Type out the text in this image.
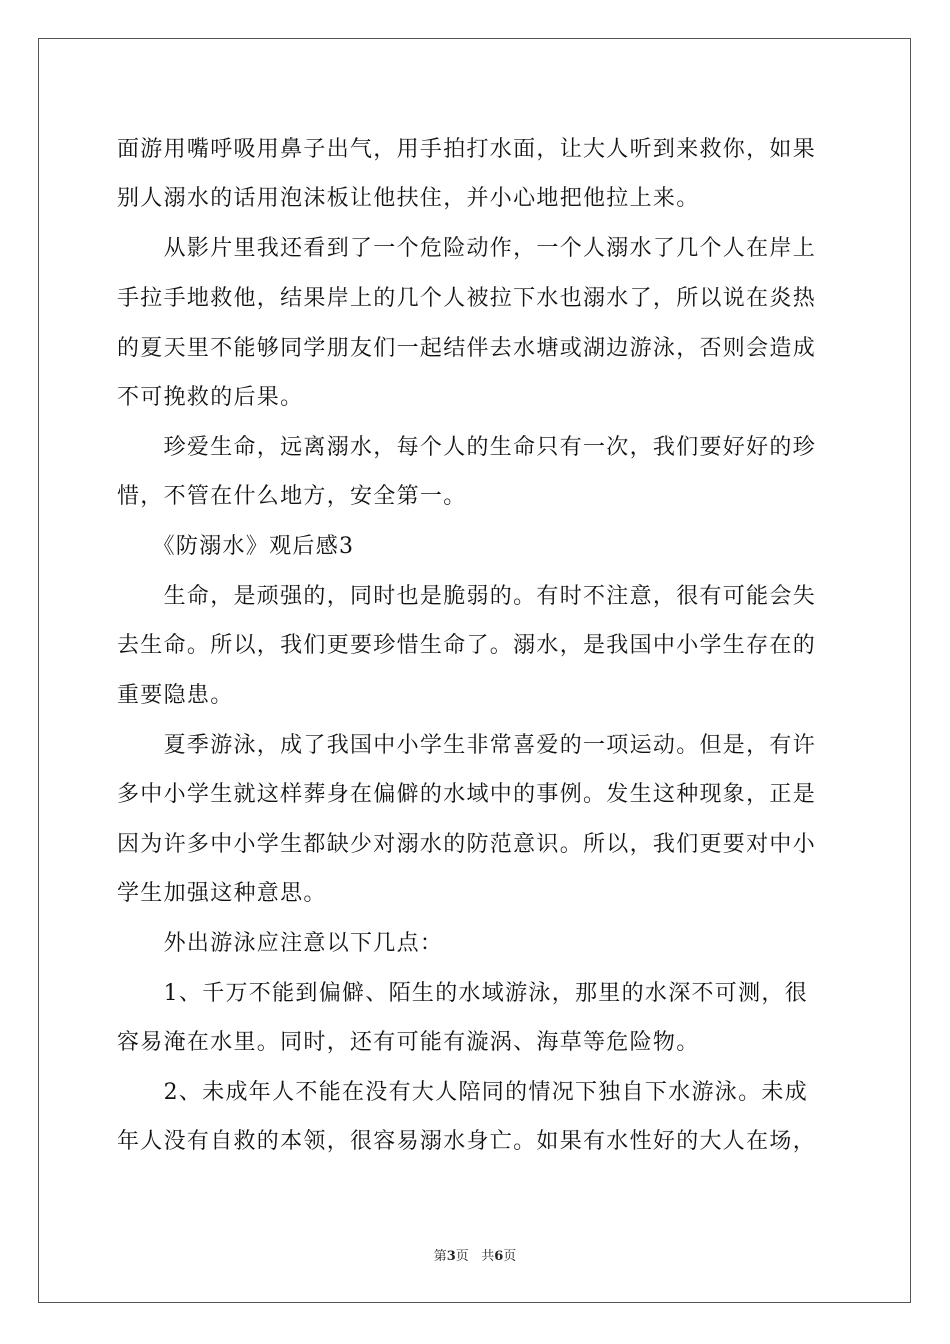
面游用嘴呼吸用鼻子出气，用手拍打水面，让大人听到来救你，如果
别人溺水的话用泡沫板让他扶住，并小心地把他拉上来。
　　从影片里我还看到了一个危险动作，一个人溺水了几个人在岸上
手拉手地救他，结果岸上的几个人被拉下水也溺水了，所以说在炎热
的夏天里不能够同学朋友们一起结伴去水塘或湖边游泳，否则会造成
不可挽救的后果。
　　珍爱生命，远离溺水，每个人的生命只有一次，我们要好好的珍
惜，不管在什么地方，安全第一。
　　《防溺水》观后感3
　　生命，是顽强的，同时也是脆弱的。有时不注意，很有可能会失
去生命。所以，我们更要珍惜生命了。溺水，是我国中小学生存在的
重要隐患。
　　夏季游泳，成了我国中小学生非常喜爱的一项运动。但是，有许
多中小学生就这样葬身在偏僻的水域中的事例。发生这种现象，正是
因为许多中小学生都缺少对溺水的防范意识。所以，我们更要对中小
学生加强这种意思。
　　外出游泳应注意以下几点：
　　1、千万不能到偏僻、陌生的水域游泳，那里的水深不可测，很
容易淹在水里。同时，还有可能有漩涡、海草等危险物。
　　2、未成年人不能在没有大人陪同的情况下独自下水游泳。未成
年人没有自救的本领，很容易溺水身亡。如果有水性好的大人在场，
第3页 共6页
